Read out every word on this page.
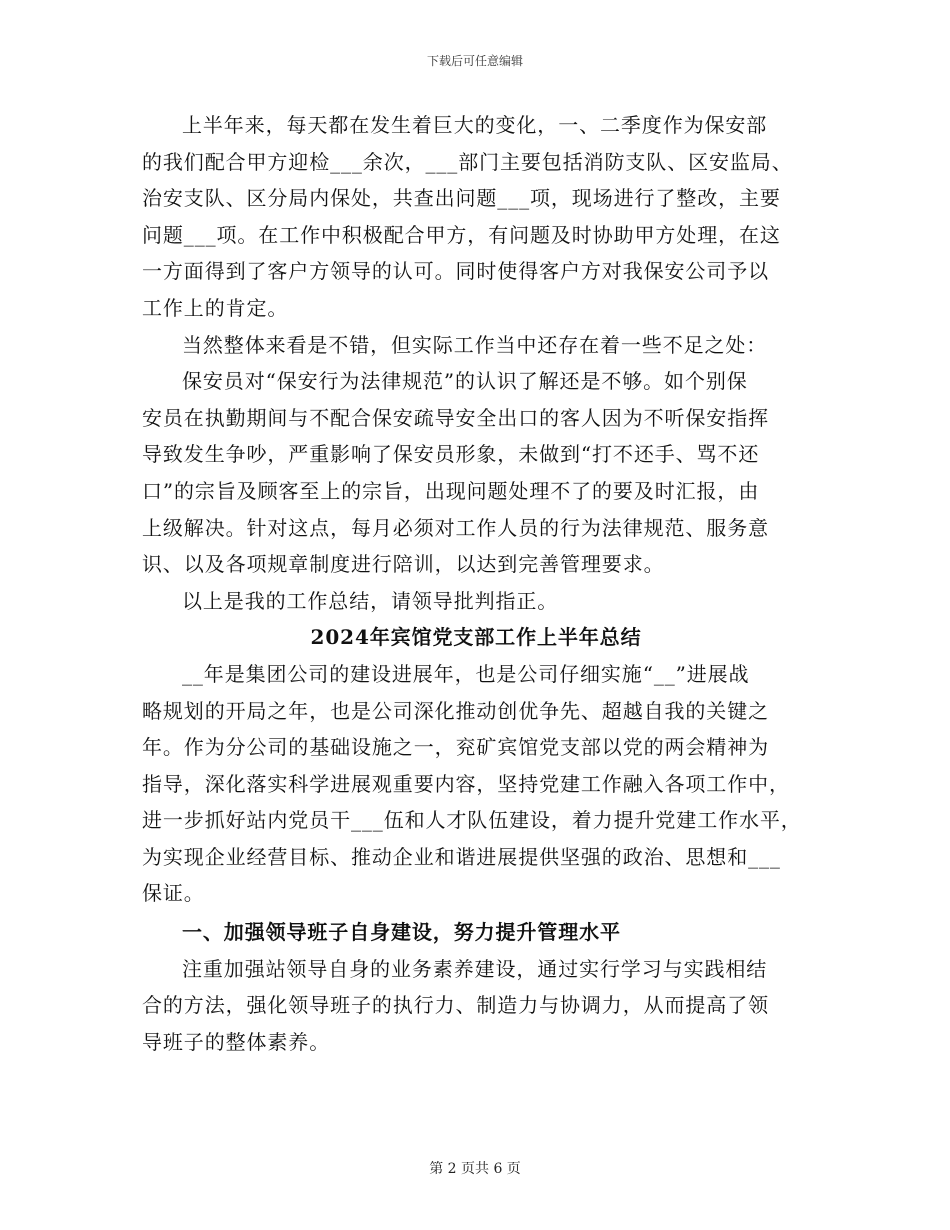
下载后可任意编辑
上半年来，每天都在发生着巨大的变化，一、二季度作为保安部
的我们配合甲方迎检___余次，___部门主要包括消防支队、区安监局、
治安支队、区分局内保处，共查出问题___项，现场进行了整改，主要
问题___项。在工作中积极配合甲方，有问题及时协助甲方处理，在这
一方面得到了客户方领导的认可。同时使得客户方对我保安公司予以
工作上的肯定。
当然整体来看是不错，但实际工作当中还存在着一些不足之处：
保安员对“保安行为法律规范”的认识了解还是不够。如个别保
安员在执勤期间与不配合保安疏导安全出口的客人因为不听保安指挥
导致发生争吵，严重影响了保安员形象，未做到“打不还手、骂不还
口”的宗旨及顾客至上的宗旨，出现问题处理不了的要及时汇报，由
上级解决。针对这点，每月必须对工作人员的行为法律规范、服务意
识、以及各项规章制度进行陪训，以达到完善管理要求。
以上是我的工作总结，请领导批判指正。
2024年宾馆党支部工作上半年总结
__年是集团公司的建设进展年，也是公司仔细实施“__”进展战
略规划的开局之年，也是公司深化推动创优争先、超越自我的关键之
年。作为分公司的基础设施之一，兖矿宾馆党支部以党的两会精神为
指导，深化落实科学进展观重要内容，坚持党建工作融入各项工作中，
进一步抓好站内党员干___伍和人才队伍建设，着力提升党建工作水平，
为实现企业经营目标、推动企业和谐进展提供坚强的政治、思想和___
保证。
一、加强领导班子自身建设，努力提升管理水平
注重加强站领导自身的业务素养建设，通过实行学习与实践相结
合的方法，强化领导班子的执行力、制造力与协调力，从而提高了领
导班子的整体素养。
第 2 页共 6 页
